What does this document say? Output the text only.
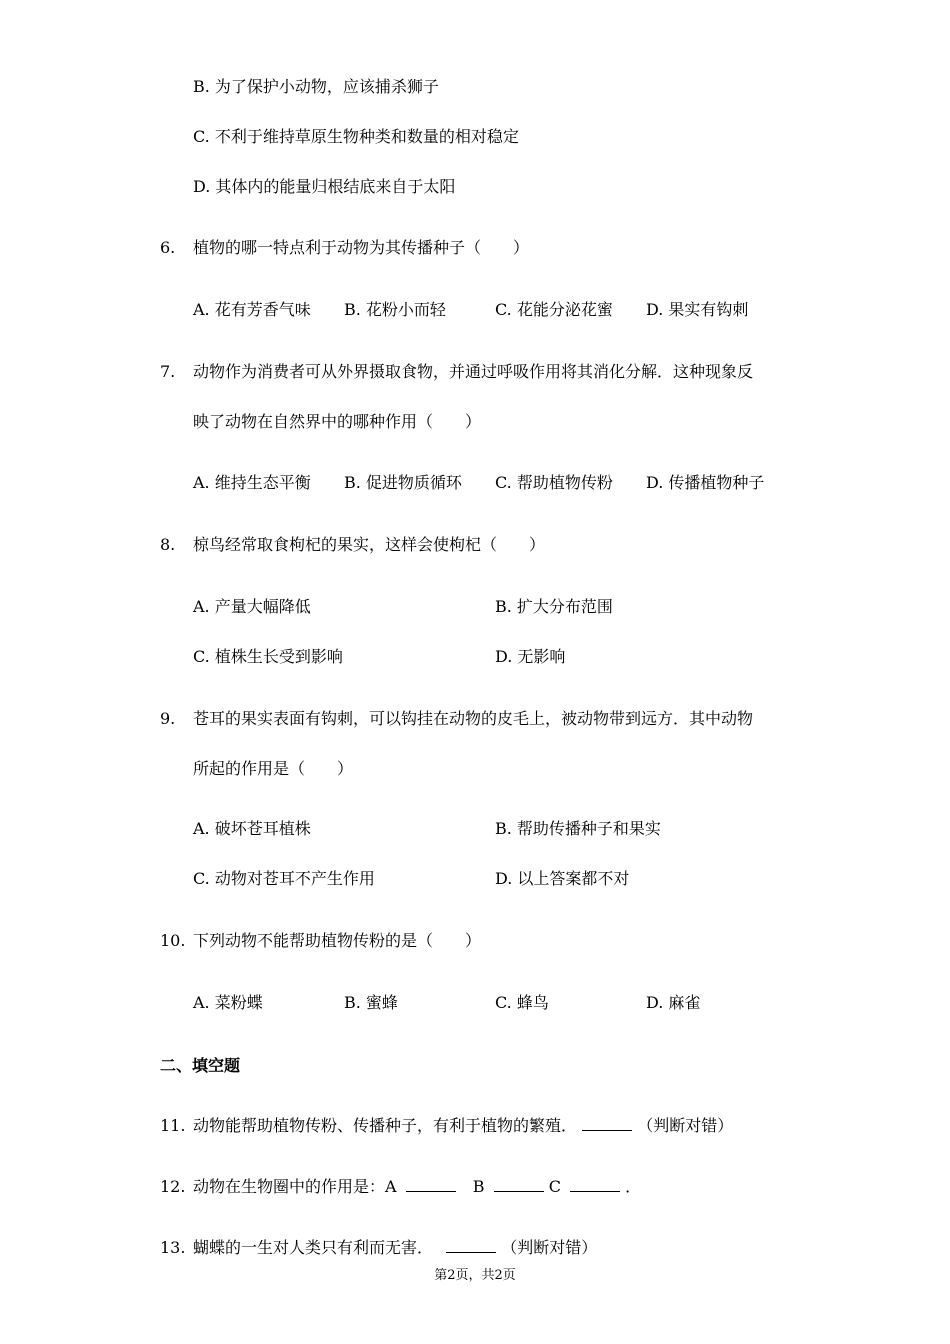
B. 为了保护小动物，应该捕杀狮子
C. 不利于维持草原生物种类和数量的相对稳定
D. 其体内的能量归根结底来自于太阳
6. 植物的哪一特点利于动物为其传播种子（　　）
A. 花有芳香气味 B. 花粉小而轻	C. 花能分泌花蜜 D. 果实有钩刺
7. 动物作为消费者可从外界摄取食物，并通过呼吸作用将其消化分解．这种现象反
映了动物在自然界中的哪种作用（　　）
A. 维持生态平衡 B. 促进物质循环 C. 帮助植物传粉 D. 传播植物种子
8. 椋鸟经常取食枸杞的果实，这样会使枸杞（　　）
A. 产量大幅降低	B. 扩大分布范围
C. 植株生长受到影响	D. 无影响
9. 苍耳的果实表面有钩刺，可以钩挂在动物的皮毛上，被动物带到远方．其中动物
所起的作用是（　　）
A. 破坏苍耳植株	B. 帮助传播种子和果实
C. 动物对苍耳不产生作用	D. 以上答案都不对
10. 下列动物不能帮助植物传粉的是（　　）
A. 菜粉蝶	B. 蜜蜂	C. 蜂鸟	D. 麻雀
二、填空题
11. 动物能帮助植物传粉、传播种子，有利于植物的繁殖．	（判断对错）
12. 动物在生物圈中的作用是：A	B	C	．
13. 蝴蝶的一生对人类只有利而无害．	（判断对错）
第2页，共2页
